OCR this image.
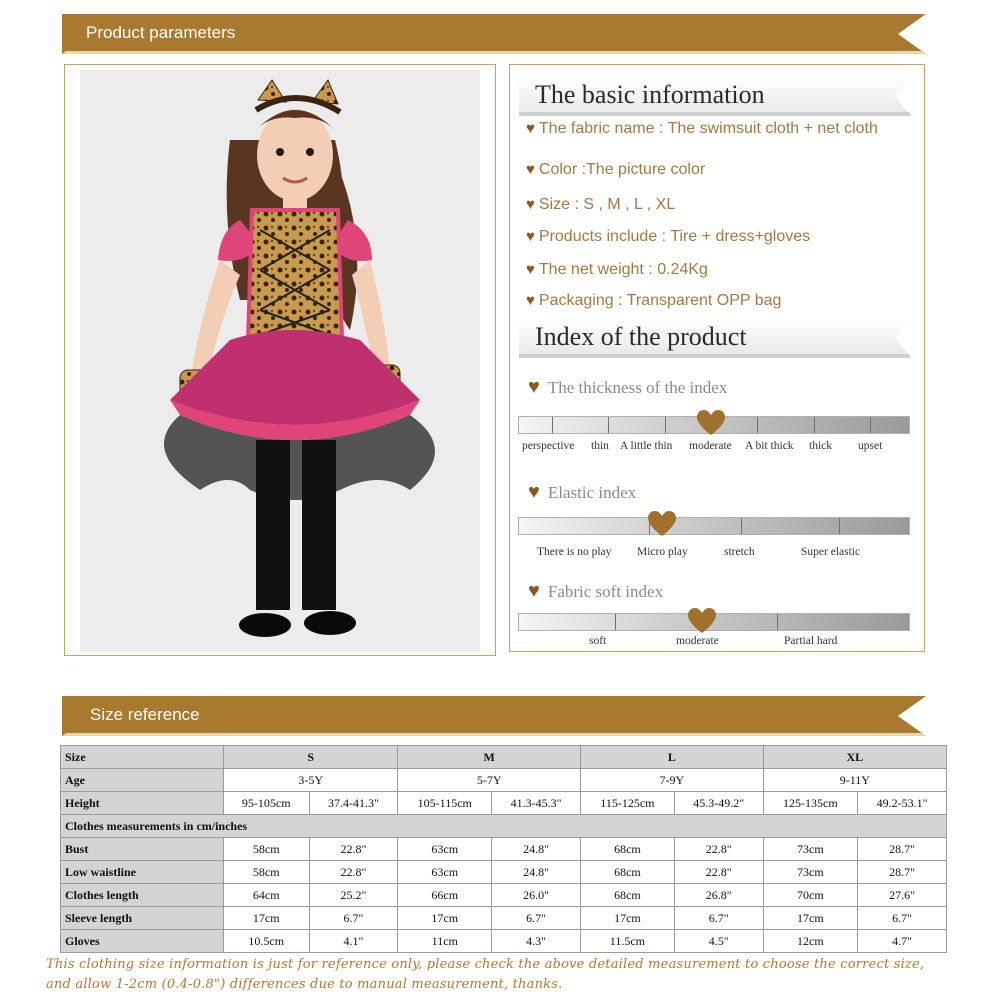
Product parameters
The basic information
♥ The fabric name : The swimsuit cloth + net cloth
♥ Color :The picture color
♥ Size : S , M , L , XL
♥ Products include : Tire + dress+gloves
♥ The net weight : 0.24Kg
♥ Packaging : Transparent OPP bag
Index of the product
♥ The thickness of the index
perspective thin A little thin moderate A bit thick thick upset
♥ Elastic index
There is no play Micro play	stretch	Super elastic
♥ Fabric soft index
soft	moderate	Partial hard
Size reference
Size	S		M		L		XL	
Age	3-5Y		5-7Y		7-9Y		9-11Y	
Height	95-105cm	37.4-41.3"	105-115cm	41.3-45.3"	115-125cm	45.3-49.2"	125-135cm	49.2-53.1"
Clothes measurements in cm/inches								
Bust	58cm	22.8"	63cm	24.8"	68cm	22.8"	73cm	28.7"
Low waistline	58cm	22.8"	63cm	24.8"	68cm	22.8"	73cm	28.7"
Clothes length	64cm	25.2"	66cm	26.0"	68cm	26.8"	70cm	27.6"
Sleeve length	17cm	6.7"	17cm	6.7"	17cm	6.7"	17cm	6.7"
Gloves	10.5cm	4.1"	11cm	4.3"	11.5cm	4.5"	12cm	4.7"
This clothing size information is just for reference only, please check the above detailed measurement to choose the correct size,
and allow 1-2cm (0.4-0.8") differences due to manual measurement, thanks.
